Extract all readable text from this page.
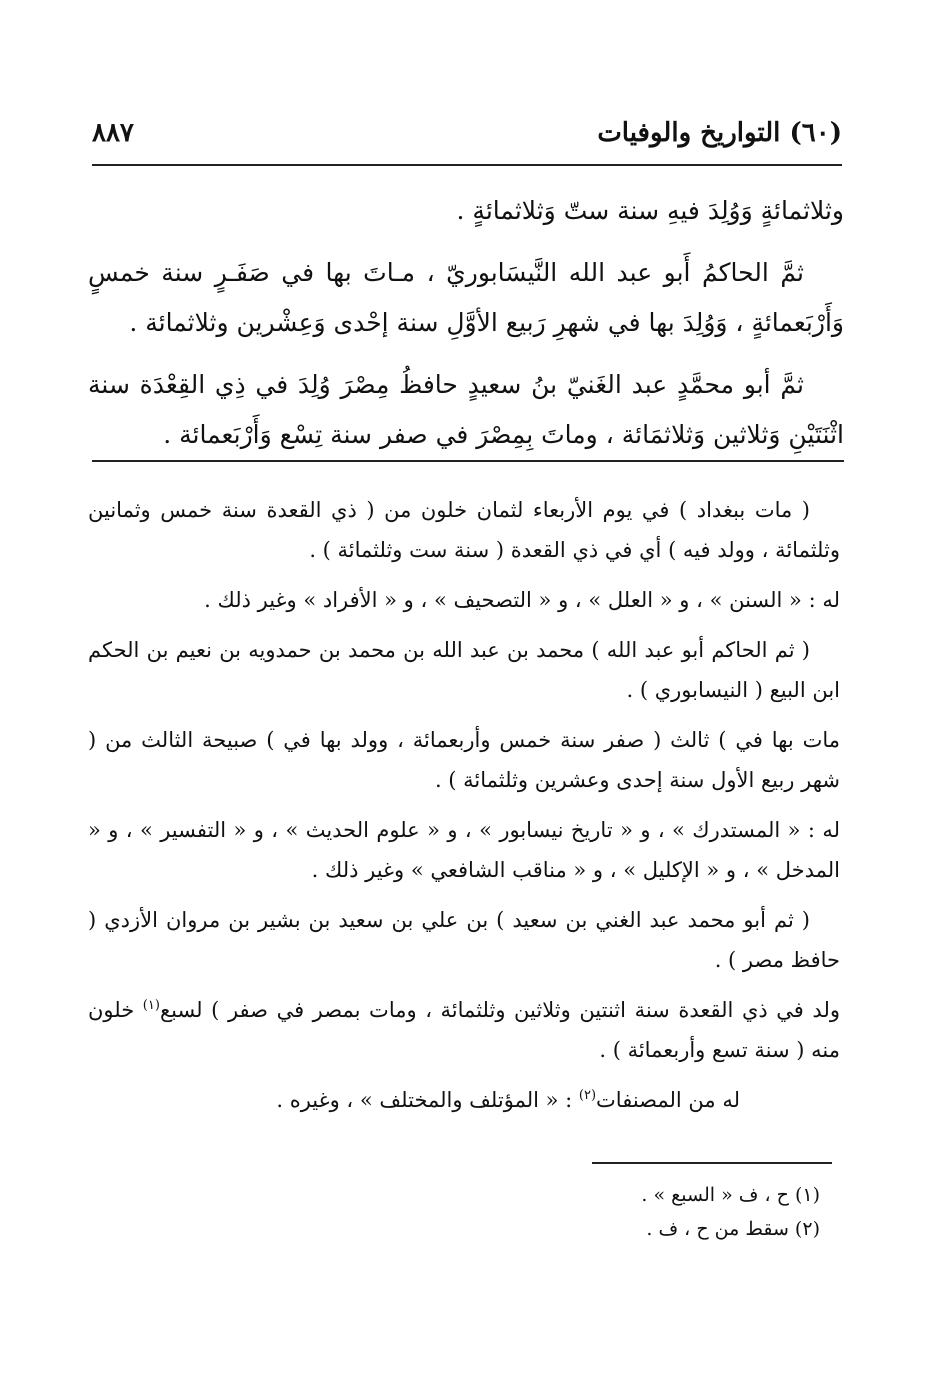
(٦٠) التواريخ والوفيات
٨٨٧

وثلاثمائةٍ وَوُلِدَ فيهِ سنة ستّ وَثلاثمائةٍ .

ثمَّ الحاكمُ أَبو عبد الله النَّيسَابوريّ ، مـاتَ بها في صَفَـرٍ سنة خمسٍ وَأَرْبَعمائةٍ ، وَوُلِدَ بها في شهرِ رَبيع الأوَّلِ سنة إحْدى وَعِشْرين وثلاثمائة .

ثمَّ أبو محمَّدٍ عبد الغَنيّ بنُ سعيدٍ حافظُ مِصْرَ وُلِدَ في ذِي القِعْدَة سنة اثْنَتَيْنِ وَثلاثين وَثلاثمَائة ، وماتَ بِمِصْرَ في صفر سنة تِسْع وَأَرْبَعمائة .

( مات ببغداد ) في يوم الأربعاء لثمان خلون من ( ذي القعدة سنة خمس وثمانين وثلثمائة ، وولد فيه ) أي في ذي القعدة ( سنة ست وثلثمائة ) .

له : « السنن » ، و « العلل » ، و « التصحيف » ، و « الأفراد » وغير ذلك .

( ثم الحاكم أبو عبد الله ) محمد بن عبد الله بن محمد بن حمدويه بن نعيم بن الحكم ابن البيع ( النيسابوري ) .

مات بها في ) ثالث ( صفر سنة خمس وأربعمائة ، وولد بها في ) صبيحة الثالث من ( شهر ربيع الأول سنة إحدى وعشرين وثلثمائة ) .

له : « المستدرك » ، و « تاريخ نيسابور » ، و « علوم الحديث » ، و « التفسير » ، و « المدخل » ، و « الإكليل » ، و « مناقب الشافعي » وغير ذلك .

( ثم أبو محمد عبد الغني بن سعيد ) بن علي بن سعيد بن بشير بن مروان الأزدي ( حافظ مصر ) .

ولد في ذي القعدة سنة اثنتين وثلاثين وثلثمائة ، ومات بمصر في صفر ) لسبع$^{(١)}$ خلون منه ( سنة تسع وأربعمائة ) .

له من المصنفات$^{(٢)}$ : « المؤتلف والمختلف » ، وغيره .

(١) ح ، ف « السبع » .

(٢) سقط من ح ، ف .
